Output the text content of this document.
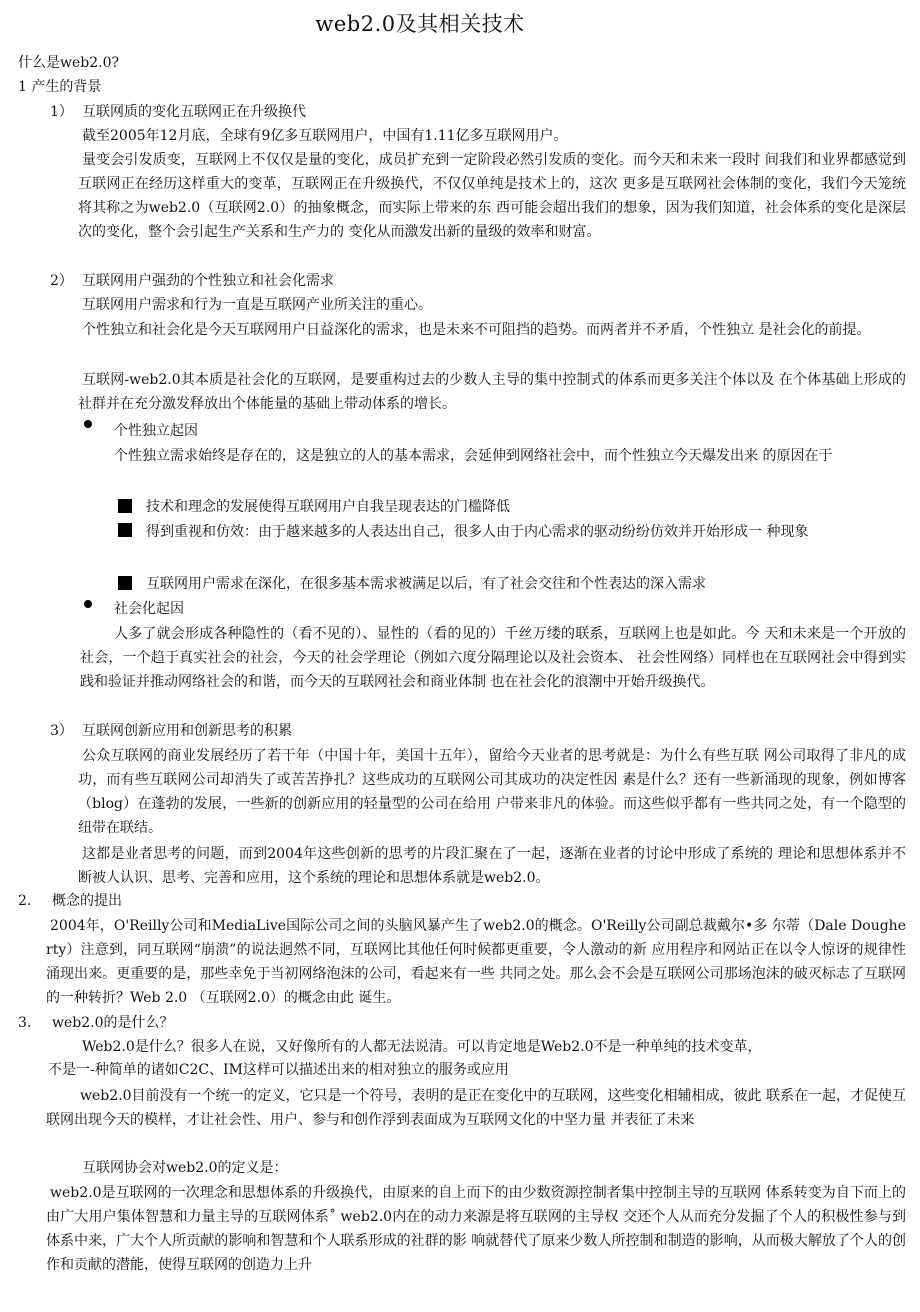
web2.0及其相关技术
什么是web2.0?
1 产生的背景
1） 互联网质的变化五联网正在升级换代
截至2005年12月底，全球有9亿多互联网用户，中国有1.11亿多互联网用户。
量变会引发质变，互联网上不仅仅是量的变化，成员扩充到一定阶段必然引发质的变化。而今天和未来一段时 间我们和业界都感觉到互联网正在经历这样重大的变革，互联网正在升级换代，不仅仅单纯是技术上的，这次 更多是互联网社会体制的变化，我们今天笼统将其称之为web2.0（互联网2.0）的抽象概念，而实际上带来的东 西可能会超出我们的想象，因为我们知道，社会体系的变化是深层次的变化，整个会引起生产关系和生产力的 变化从而激发出新的量级的效率和财富。
2） 互联网用户强劲的个性独立和社会化需求
互联网用户需求和行为一直是互联网产业所关注的重心。
个性独立和社会化是今天互联网用户日益深化的需求，也是未来不可阻挡的趋势。而两者并不矛盾，个性独立 是社会化的前提。
互联网-web2.0其本质是社会化的互联网，是要重构过去的少数人主导的集中控制式的体系而更多关注个体以及 在个体基础上形成的社群并在充分激发释放出个体能量的基础上带动体系的增长。
个性独立起因
个性独立需求始终是存在的，这是独立的人的基本需求，会延伸到网络社会中，而个性独立今天爆发出来 的原因在于
技术和理念的发展使得互联网用户自我呈现表达的门槛降低
得到重视和仿效：由于越来越多的人表达出自己，很多人由于内心需求的驱动纷纷仿效并开始形成一 种现象
互联网用户需求在深化，在很多基本需求被满足以后，有了社会交往和个性表达的深入需求
社会化起因
人多了就会形成各种隐性的（看不见的）、显性的（看的见的）千丝万缕的联系，互联网上也是如此。今 天和未来是一个开放的社会，一个趋于真实社会的社会，今天的社会学理论（例如六度分隔理论以及社会资本、 社会性网络）同样也在互联网社会中得到实践和验证并推动网络社会的和谐，而今天的互联网社会和商业体制 也在社会化的浪潮中开始升级换代。
3） 互联网创新应用和创新思考的积累
公众互联网的商业发展经历了若干年（中国十年，美国十五年），留给今天业者的思考就是：为什么有些互联 网公司取得了非凡的成功，而有些互联网公司却消失了或苦苦挣扎？这些成功的互联网公司其成功的决定性因 素是什么？还有一些新涌现的现象，例如博客（blog）在蓬勃的发展，一些新的创新应用的轻量型的公司在给用 户带来非凡的体验。而这些似乎都有一些共同之处，有一个隐型的纽带在联结。
这都是业者思考的问题，而到2004年这些创新的思考的片段汇聚在了一起，逐渐在业者的讨论中形成了系统的 理论和思想体系并不断被人认识、思考、完善和应用，这个系统的理论和思想体系就是web2.0。
2. 概念的提出
2004年，O'Reilly公司和MediaLive国际公司之间的头脑风暴产生了web2.0的概念。O'Reilly公司副总裁戴尔•多 尔蒂（Dale Dougherty）注意到，同互联网“崩溃”的说法迥然不同，互联网比其他任何时候都更重要，令人激动的新 应用程序和网站正在以令人惊讶的规律性涌现出来。更重要的是，那些幸免于当初网络泡沫的公司，看起来有一些 共同之处。那么会不会是互联网公司那场泡沫的破灭标志了互联网的一种转折？Web 2.0 （互联网2.0）的概念由此 诞生。
3. web2.0的是什么？
Web2.0是什么？很多人在说，又好像所有的人都无法说清。可以肯定地是Web2.0不是一种单纯的技术变革，
不是一-种简单的诸如C2C、IM这样可以描述出来的相对独立的服务或应用
web2.0目前没有一个统一的定义，它只是一个符号，表明的是正在变化中的互联网，这些变化相辅相成，彼此 联系在一起，才促使互联网出现今天的模样，才让社会性、用户、参与和创作浮到表面成为互联网文化的中坚力量 并表征了未来
互联网协会对web2.0的定义是：
web2.0是互联网的一次理念和思想体系的升级换代，由原来的自上而下的由少数资源控制者集中控制主导的互联网 体系转变为自下而上的由广大用户集体智慧和力量主导的互联网体系˚ web2.0内在的动力来源是将互联网的主导权 交还个人从而充分发掘了个人的积极性参与到体系中来，广大个人所贡献的影响和智慧和个人联系形成的社群的影 响就替代了原来少数人所控制和制造的影响，从而极大解放了个人的创作和贡献的潜能，使得互联网的创造力上升
